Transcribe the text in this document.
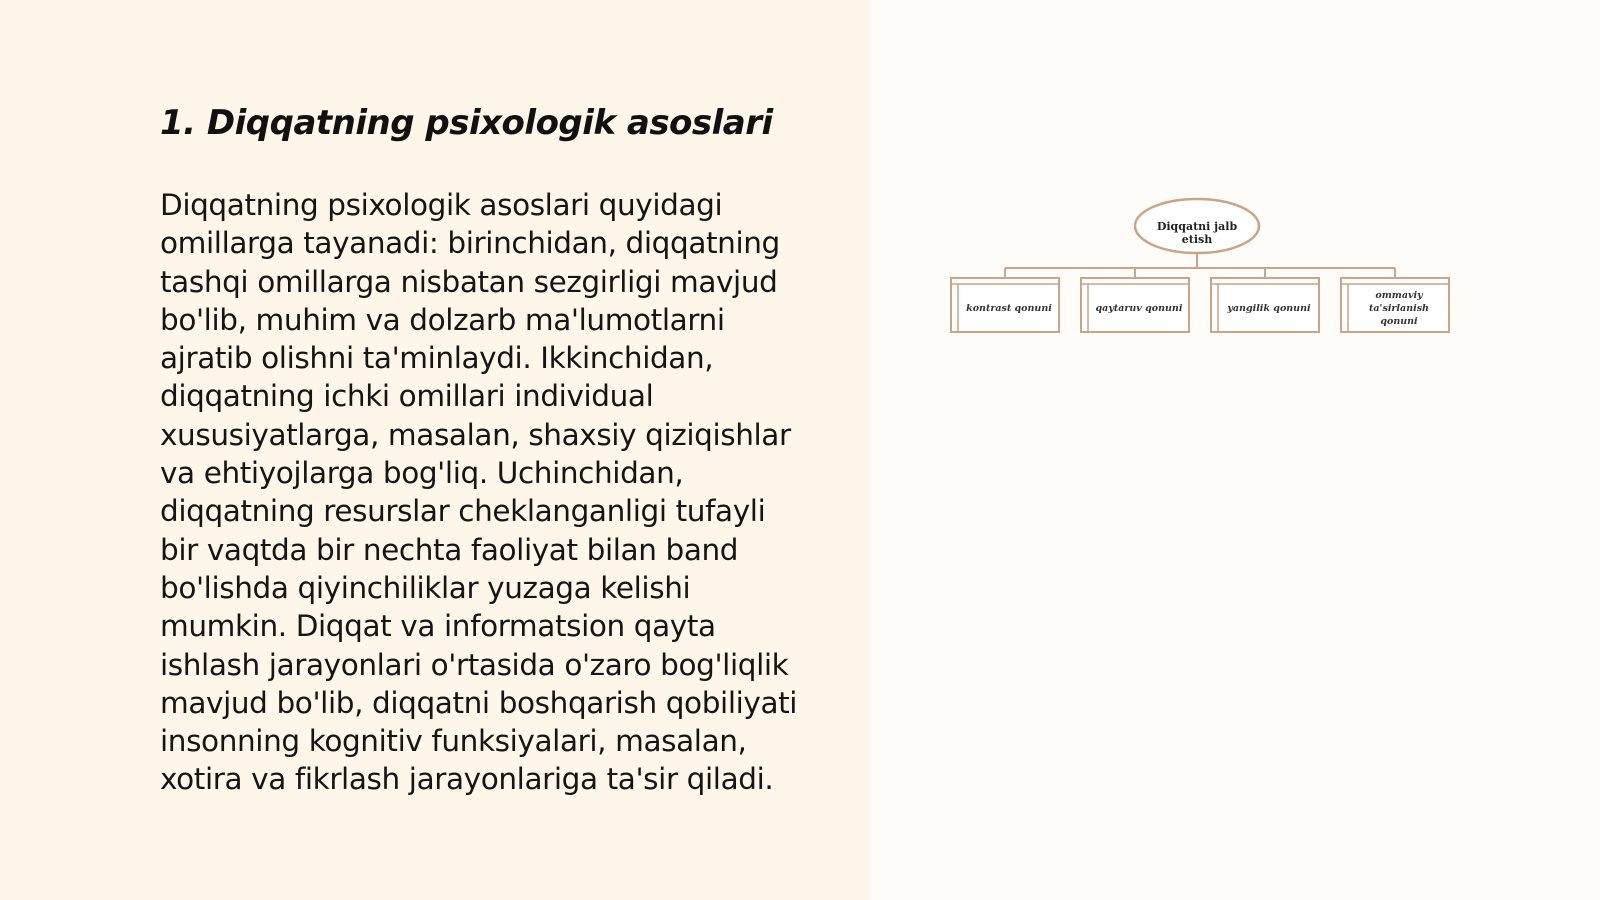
1. Diqqatning psixologik asoslari

Diqqatning psixologik asoslari quyidagi
omillarga tayanadi: birinchidan, diqqatning
tashqi omillarga nisbatan sezgirligi mavjud
bo'lib, muhim va dolzarb ma'lumotlarni
ajratib olishni ta'minlaydi. Ikkinchidan,
diqqatning ichki omillari individual
xususiyatlarga, masalan, shaxsiy qiziqishlar
va ehtiyojlarga bog'liq. Uchinchidan,
diqqatning resurslar cheklanganligi tufayli
bir vaqtda bir nechta faoliyat bilan band
bo'lishda qiyinchiliklar yuzaga kelishi
mumkin. Diqqat va informatsion qayta
ishlash jarayonlari o'rtasida o'zaro bog'liqlik
mavjud bo'lib, diqqatni boshqarish qobiliyati
insonning kognitiv funksiyalari, masalan,
xotira va fikrlash jarayonlariga ta'sir qiladi.

Diqqatni jalb
etish
kontrast qonuni	qaytaruv qonuni	yangilik qonuni
ommaviy
ta'sirlanish
qonuni
